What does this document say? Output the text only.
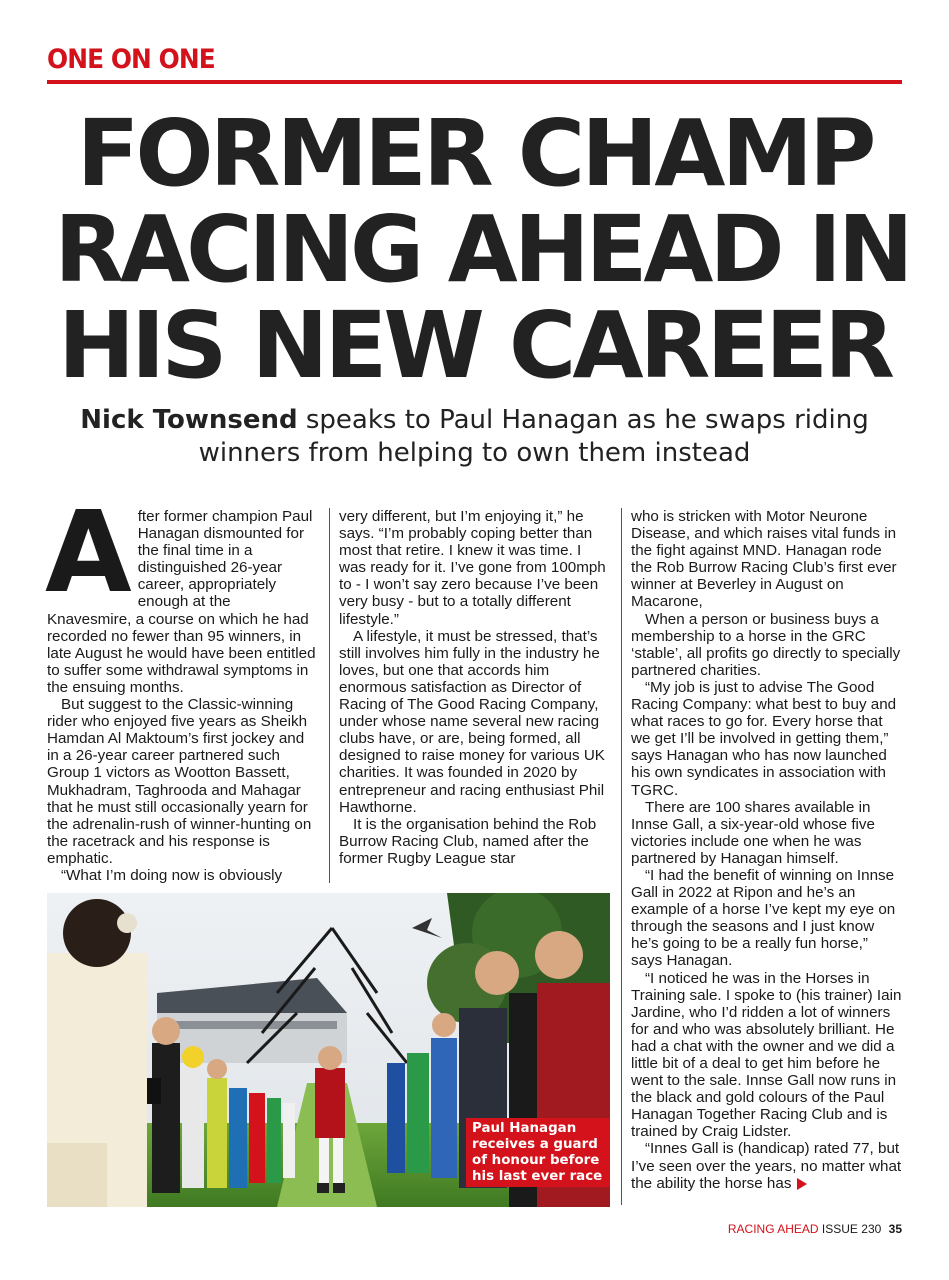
ONE ON ONE
FORMER CHAMP
RACING AHEAD IN
HIS NEW CAREER
Nick Townsend speaks to Paul Hanagan as he swaps riding winners from helping to own them instead
A fter former champion Paul Hanagan dismounted for the final time in a distinguished 26-year career, appropriately enough at the Knavesmire, a course on which he had recorded no fewer than 95 winners, in late August he would have been entitled to suffer some withdrawal symptoms in the ensuing months.

But suggest to the Classic-winning rider who enjoyed five years as Sheikh Hamdan Al Maktoum’s first jockey and in a 26-year career partnered such Group 1 victors as Wootton Bassett, Mukhadram, Taghrooda and Mahagar that he must still occasionally yearn for the adrenalin-rush of winner-hunting on the racetrack and his response is emphatic.

“What I’m doing now is obviously

very different, but I’m enjoying it,” he says. “I’m probably coping better than most that retire. I knew it was time. I was ready for it. I’ve gone from 100mph to - I won’t say zero because I’ve been very busy - but to a totally different lifestyle.”

A lifestyle, it must be stressed, that’s still involves him fully in the industry he loves, but one that accords him enormous satisfaction as Director of Racing of The Good Racing Company, under whose name several new racing clubs have, or are, being formed, all designed to raise money for various UK charities. It was founded in 2020 by entrepreneur and racing enthusiast Phil Hawthorne.

It is the organisation behind the Rob Burrow Racing Club, named after the former Rugby League star

who is stricken with Motor Neurone Disease, and which raises vital funds in the fight against MND. Hanagan rode the Rob Burrow Racing Club’s first ever winner at Beverley in August on Macarone,

When a person or business buys a membership to a horse in the GRC ‘stable’, all profits go directly to specially partnered charities.

“My job is just to advise The Good Racing Company: what best to buy and what races to go for. Every horse that we get I’ll be involved in getting them,” says Hanagan who has now launched his own syndicates in association with TGRC.

There are 100 shares available in Innse Gall, a six-year-old whose five victories include one when he was partnered by Hanagan himself.

“I had the benefit of winning on Innse Gall in 2022 at Ripon and he’s an example of a horse I’ve kept my eye on through the seasons and I just know he’s going to be a really fun horse,” says Hanagan.

“I noticed he was in the Horses in Training sale. I spoke to (his trainer) Iain Jardine, who I’d ridden a lot of winners for and who was absolutely brilliant. He had a chat with the owner and we did a little bit of a deal to get him before he went to the sale. Innse Gall now runs in the black and gold colours of the Paul Hanagan Together Racing Club and is trained by Craig Lidster.

“Innes Gall is (handicap) rated 77, but I’ve seen over the years, no matter what the ability the horse has

Paul Hanagan receives a guard of honour before his last ever race
RACING AHEAD ISSUE 230 35
